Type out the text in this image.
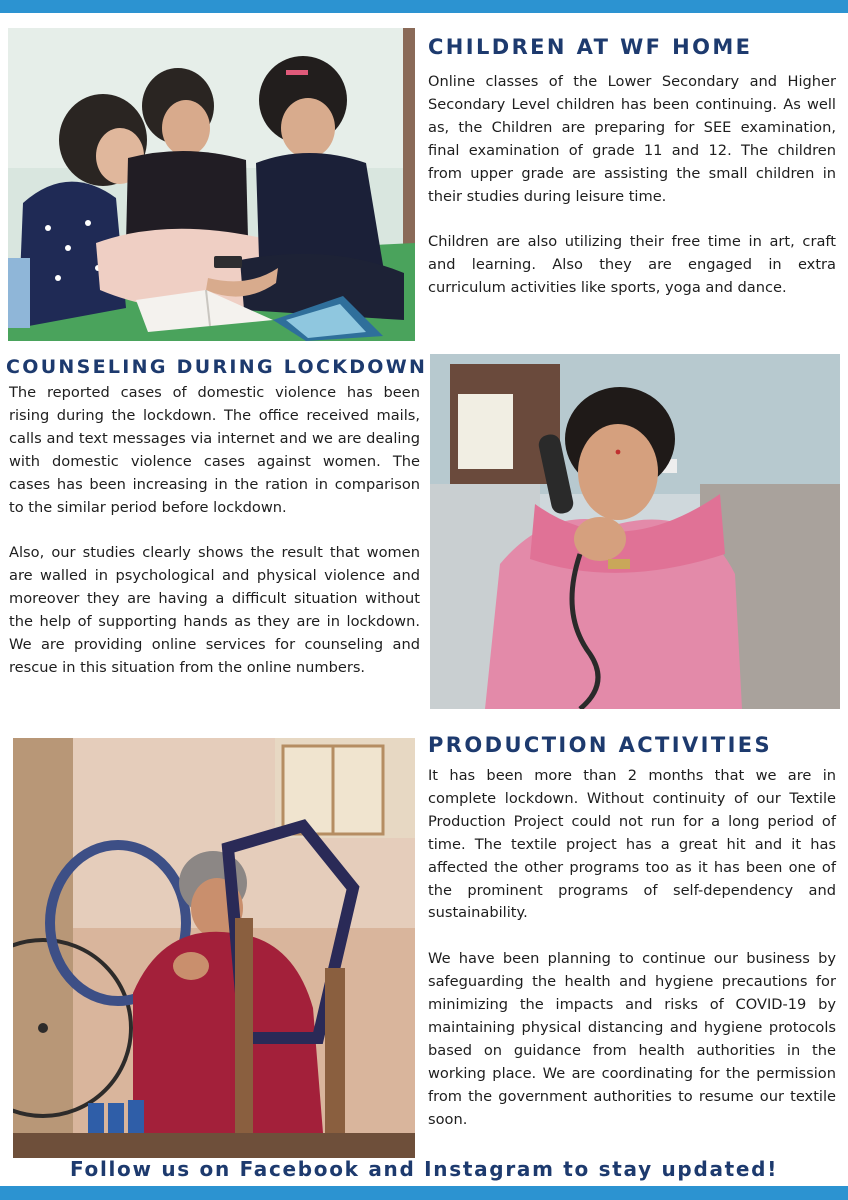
CHILDREN AT WF HOME

Online classes of the Lower Secondary and Higher Secondary Level children has been continuing. As well as, the Children are preparing for SEE examination, final examination of grade 11 and 12. The children from upper grade are assisting the small children in their studies during leisure time.

Children are also utilizing their free time in art, craft and learning. Also they are engaged in extra curriculum activities like sports, yoga and dance.

COUNSELING DURING LOCKDOWN

The reported cases of domestic violence has been rising during the lockdown. The office received mails, calls and text messages via internet and we are dealing with domestic violence cases against women. The cases has been increasing in the ration in comparison to the similar period before lockdown.

Also, our studies clearly shows the result that women are walled in psychological and physical violence and moreover they are having a difficult situation without the help of supporting hands as they are in lockdown. We are providing online services for counseling and rescue in this situation from the online numbers.

PRODUCTION ACTIVITIES

It has been more than 2 months that we are in complete lockdown. Without continuity of our Textile Production Project could not run for a long period of time. The textile project has a great hit and it has affected the other programs too as it has been one of the prominent programs of self-dependency and sustainability.

We have been planning to continue our business by safeguarding the health and hygiene precautions for minimizing the impacts and risks of COVID-19 by maintaining physical distancing and hygiene protocols based on guidance from health authorities in the working place. We are coordinating for the permission from the government authorities to resume our textile soon.

Follow us on Facebook and Instagram to stay updated!
